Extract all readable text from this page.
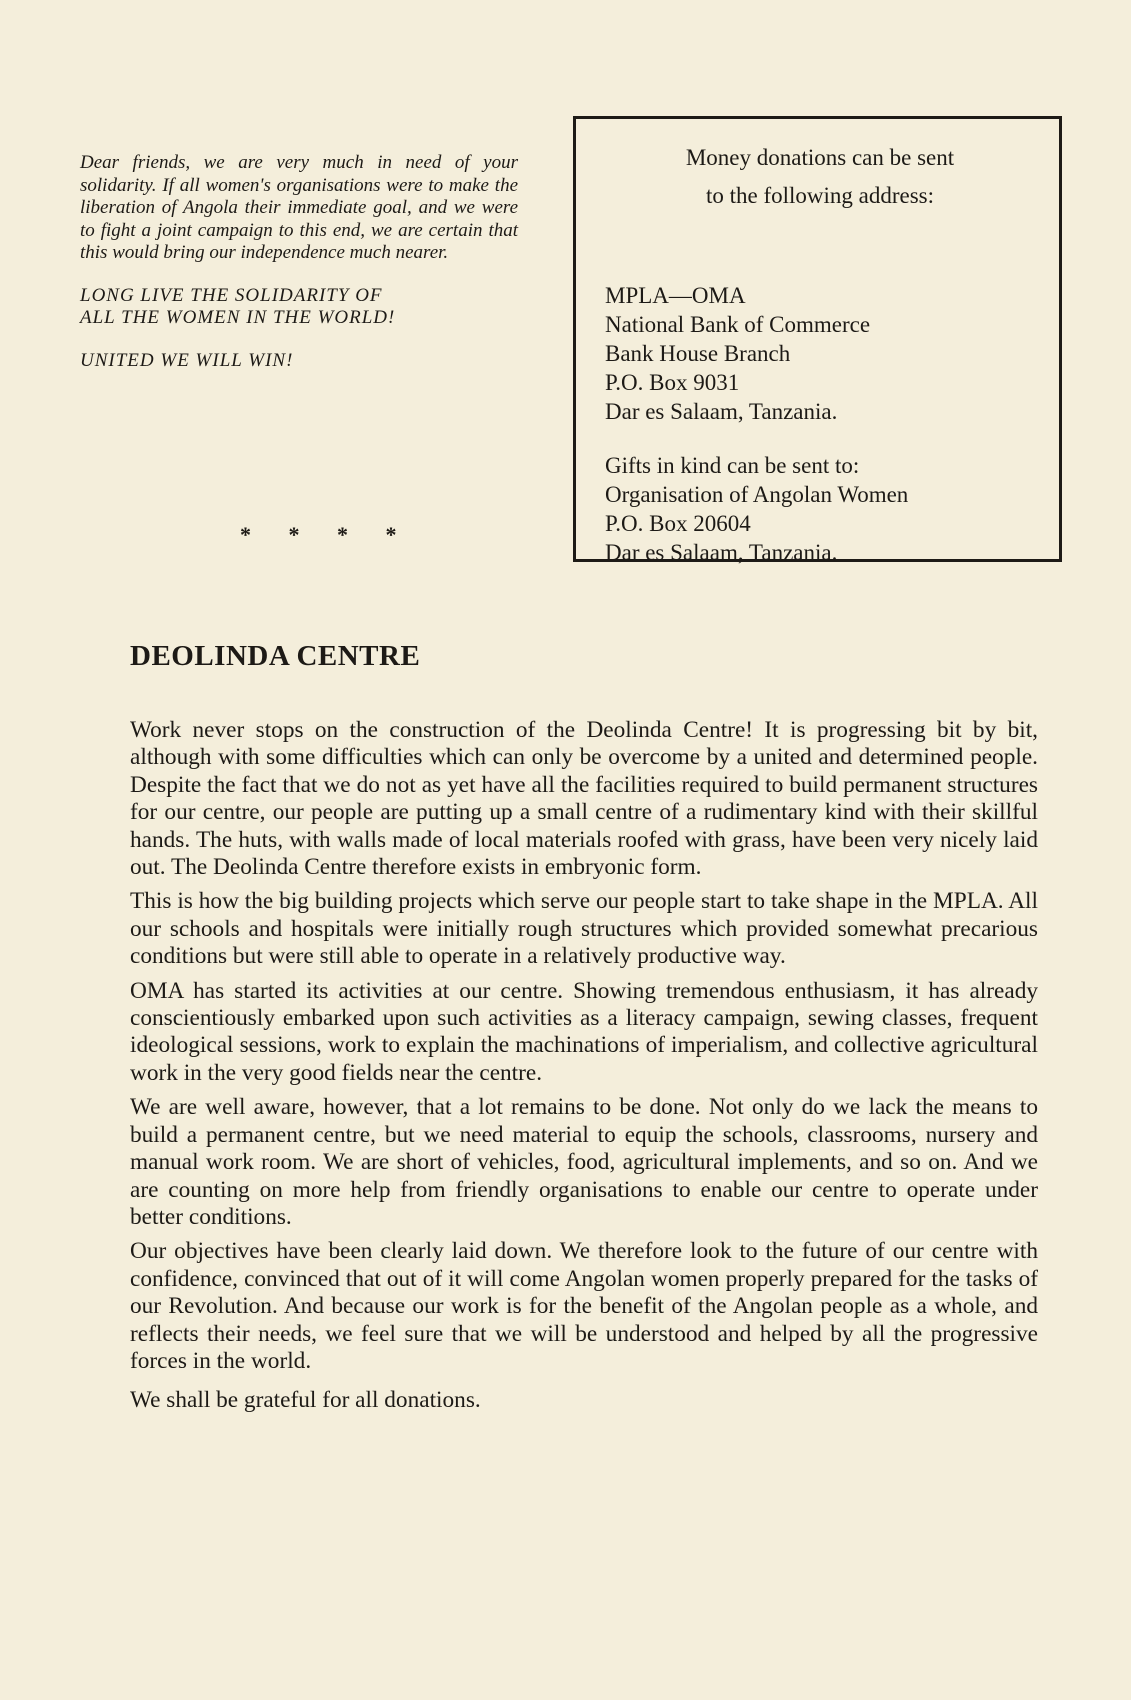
Dear friends, we are very much in need of your solidarity. If all women's organisations were to make the liberation of Angola their immediate goal, and we were to fight a joint campaign to this end, we are certain that this would bring our independence much nearer.

LONG LIVE THE SOLIDARITY OF
ALL THE WOMEN IN THE WORLD!

UNITED WE WILL WIN!

* * * *
Money donations can be sent
to the following address:
MPLA—OMA
National Bank of Commerce
Bank House Branch
P.O. Box 9031
Dar es Salaam, Tanzania.
Gifts in kind can be sent to:
Organisation of Angolan Women
P.O. Box 20604
Dar es Salaam, Tanzania.
DEOLINDA CENTRE

Work never stops on the construction of the Deolinda Centre! It is progressing bit by bit, although with some difficulties which can only be overcome by a united and determined people. Despite the fact that we do not as yet have all the facilities required to build permanent structures for our centre, our people are putting up a small centre of a rudimentary kind with their skillful hands. The huts, with walls made of local materials roofed with grass, have been very nicely laid out. The Deolinda Centre therefore exists in embryonic form.

This is how the big building projects which serve our people start to take shape in the MPLA. All our schools and hospitals were initially rough structures which provided somewhat precarious conditions but were still able to operate in a relatively productive way.

OMA has started its activities at our centre. Showing tremendous enthusiasm, it has already conscientiously embarked upon such activities as a literacy campaign, sewing classes, frequent ideological sessions, work to explain the machinations of imperialism, and collective agricultural work in the very good fields near the centre.

We are well aware, however, that a lot remains to be done. Not only do we lack the means to build a permanent centre, but we need material to equip the schools, classrooms, nursery and manual work room. We are short of vehicles, food, agricultural implements, and so on. And we are counting on more help from friendly organisations to enable our centre to operate under better conditions.

Our objectives have been clearly laid down. We therefore look to the future of our centre with confidence, convinced that out of it will come Angolan women properly prepared for the tasks of our Revolution. And because our work is for the benefit of the Angolan people as a whole, and reflects their needs, we feel sure that we will be understood and helped by all the progressive forces in the world.

We shall be grateful for all donations.
